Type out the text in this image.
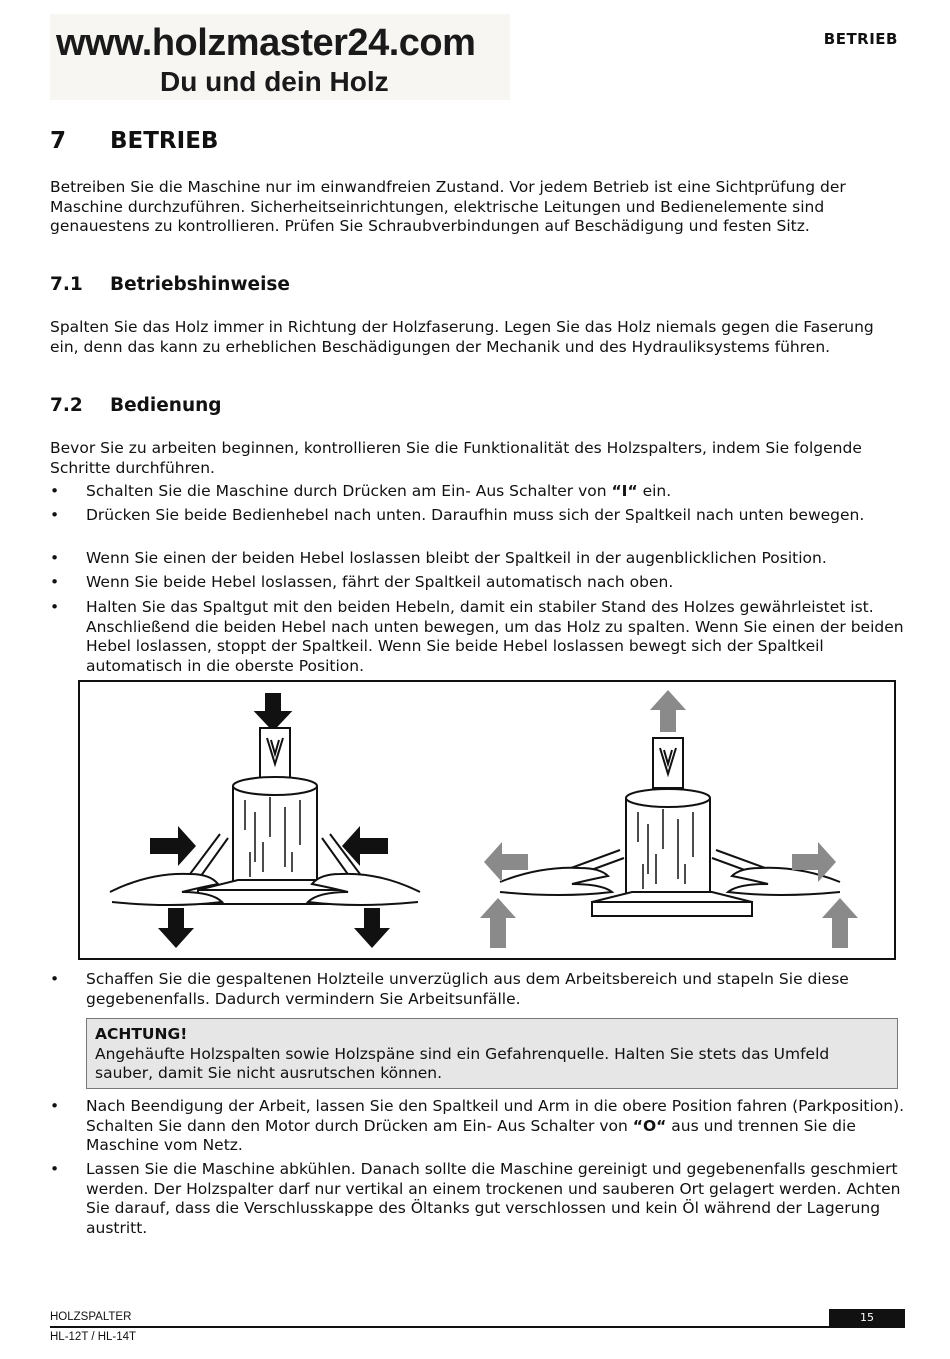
www.holzmaster24.com
Du und dein Holz
BETRIEB
7 BETRIEB
Betreiben Sie die Maschine nur im einwandfreien Zustand. Vor jedem Betrieb ist eine Sichtprüfung der Maschine durchzuführen. Sicherheitseinrichtungen, elektrische Leitungen und Bedienelemente sind genauestens zu kontrollieren. Prüfen Sie Schraubverbindungen auf Beschädigung und festen Sitz.
7.1 Betriebshinweise
Spalten Sie das Holz immer in Richtung der Holzfaserung. Legen Sie das Holz niemals gegen die Faserung ein, denn das kann zu erheblichen Beschädigungen der Mechanik und des Hydrauliksystems führen.
7.2 Bedienung
Bevor Sie zu arbeiten beginnen, kontrollieren Sie die Funktionalität des Holzspalters, indem Sie folgende Schritte durchführen.
•	Schalten Sie die Maschine durch Drücken am Ein- Aus Schalter von “I“ ein.
•	Drücken Sie beide Bedienhebel nach unten. Daraufhin muss sich der Spaltkeil nach unten bewegen.
•	Wenn Sie einen der beiden Hebel loslassen bleibt der Spaltkeil in der augenblicklichen Position.
•	Wenn Sie beide Hebel loslassen, fährt der Spaltkeil automatisch nach oben.
•	Halten Sie das Spaltgut mit den beiden Hebeln, damit ein stabiler Stand des Holzes gewährleistet ist. Anschließend die beiden Hebel nach unten bewegen, um das Holz zu spalten. Wenn Sie einen der beiden Hebel loslassen, stoppt der Spaltkeil. Wenn Sie beide Hebel loslassen bewegt sich der Spaltkeil automatisch in die oberste Position.
•	Schaffen Sie die gespaltenen Holzteile unverzüglich aus dem Arbeitsbereich und stapeln Sie diese gegebenenfalls. Dadurch vermindern Sie Arbeitsunfälle.
ACHTUNG!
Angehäufte Holzspalten sowie Holzspäne sind ein Gefahrenquelle. Halten Sie stets das Umfeld sauber, damit Sie nicht ausrutschen können.
•	Nach Beendigung der Arbeit, lassen Sie den Spaltkeil und Arm in die obere Position fahren (Parkposition). Schalten Sie dann den Motor durch Drücken am Ein- Aus Schalter von “O“ aus und trennen Sie die Maschine vom Netz.
•	Lassen Sie die Maschine abkühlen. Danach sollte die Maschine gereinigt und gegebenenfalls geschmiert werden. Der Holzspalter darf nur vertikal an einem trockenen und sauberen Ort gelagert werden. Achten Sie darauf, dass die Verschlusskappe des Öltanks gut verschlossen und kein Öl während der Lagerung austritt.
HOLZSPALTER	15
HL-12T / HL-14T
